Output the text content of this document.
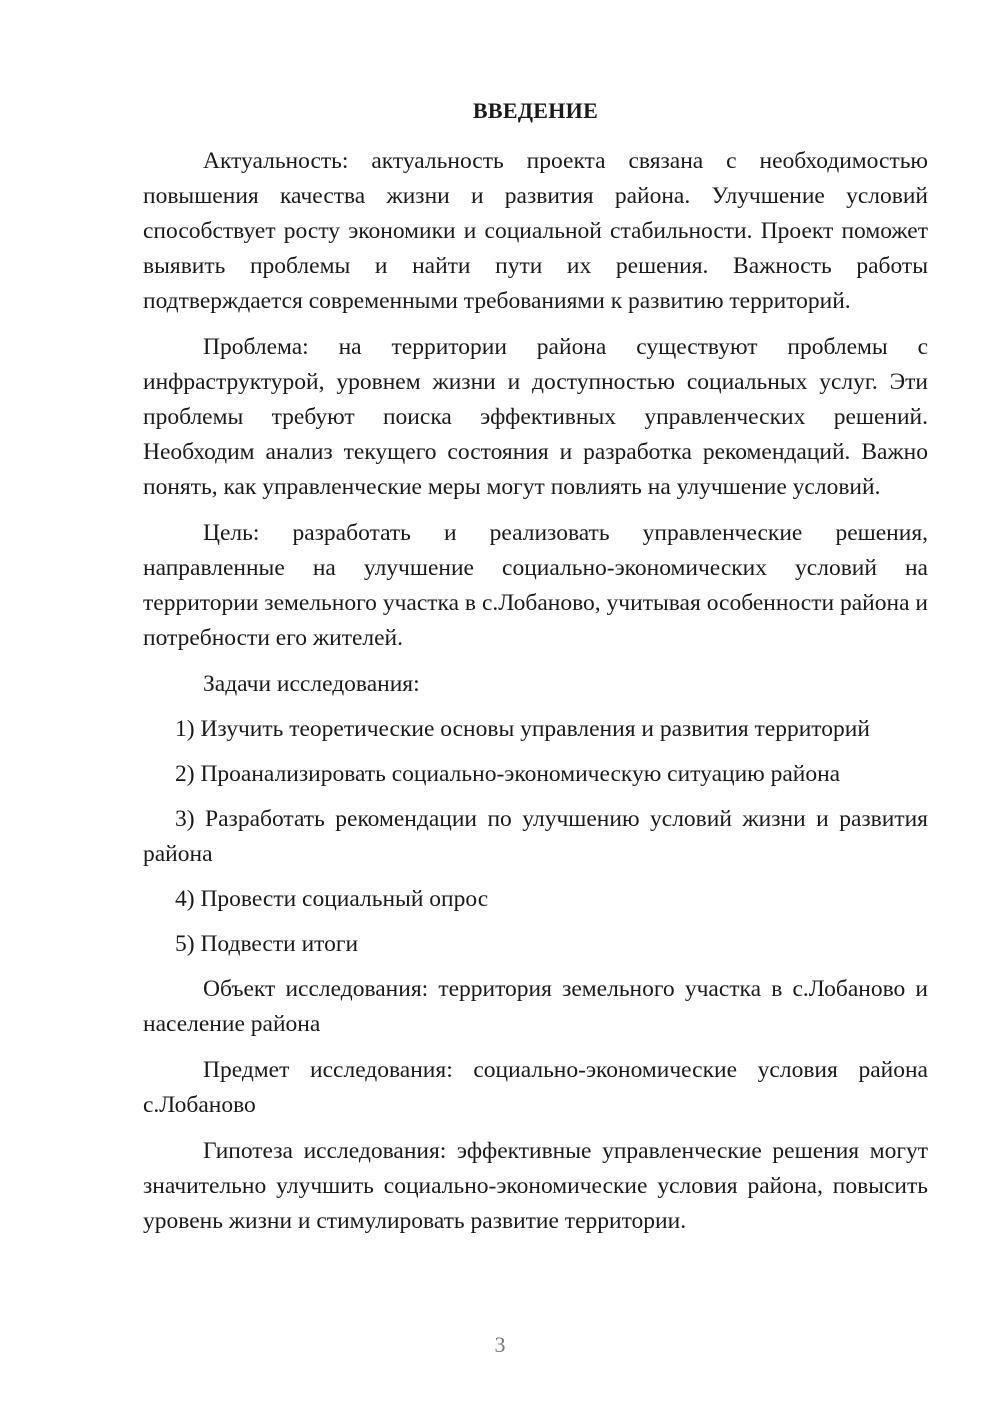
ВВЕДЕНИЕ

Актуальность: актуальность проекта связана с необходимостью повышения качества жизни и развития района. Улучшение условий способствует росту экономики и социальной стабильности. Проект поможет выявить проблемы и найти пути их решения. Важность работы подтверждается современными требованиями к развитию территорий.

Проблема: на территории района существуют проблемы с инфраструктурой, уровнем жизни и доступностью социальных услуг. Эти проблемы требуют поиска эффективных управленческих решений. Необходим анализ текущего состояния и разработка рекомендаций. Важно понять, как управленческие меры могут повлиять на улучшение условий.

Цель: разработать и реализовать управленческие решения, направленные на улучшение социально-экономических условий на территории земельного участка в с.Лобаново, учитывая особенности района и потребности его жителей.

Задачи исследования:

1) Изучить теоретические основы управления и развития территорий

2) Проанализировать социально-экономическую ситуацию района

3) Разработать рекомендации по улучшению условий жизни и развития района

4) Провести социальный опрос

5) Подвести итоги

Объект исследования: территория земельного участка в с.Лобаново и население района

Предмет исследования: социально-экономические условия района с.Лобаново

Гипотеза исследования: эффективные управленческие решения могут значительно улучшить социально-экономические условия района, повысить уровень жизни и стимулировать развитие территории.

3
